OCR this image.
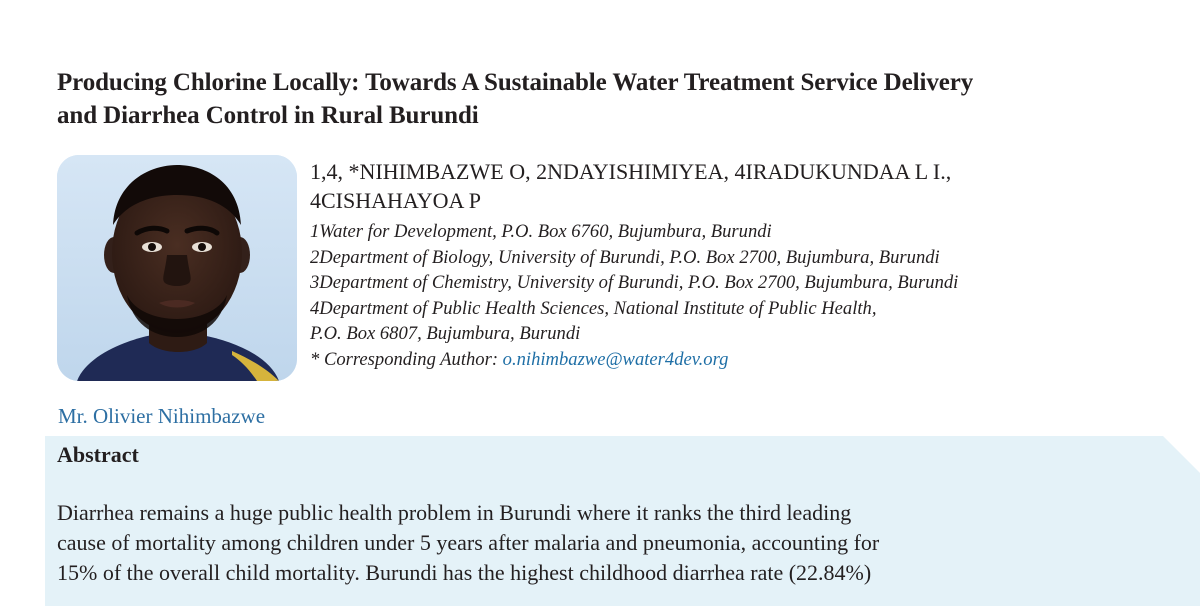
Producing Chlorine Locally: Towards A Sustainable Water Treatment Service Delivery
and Diarrhea Control in Rural Burundi
1,4, *NIHIMBAZWE O, 2NDAYISHIMIYEA, 4IRADUKUNDAA L I.,
4CISHAHAYOA P
1Water for Development, P.O. Box 6760, Bujumbura, Burundi
2Department of Biology, University of Burundi, P.O. Box 2700, Bujumbura, Burundi
3Department of Chemistry, University of Burundi, P.O. Box 2700, Bujumbura, Burundi
4Department of Public Health Sciences, National Institute of Public Health,
P.O. Box 6807, Bujumbura, Burundi
* Corresponding Author: o.nihimbazwe@water4dev.org
Mr. Olivier Nihimbazwe
Abstract
Diarrhea remains a huge public health problem in Burundi where it ranks the third leading
cause of mortality among children under 5 years after malaria and pneumonia, accounting for
15% of the overall child mortality. Burundi has the highest childhood diarrhea rate (22.84%)
